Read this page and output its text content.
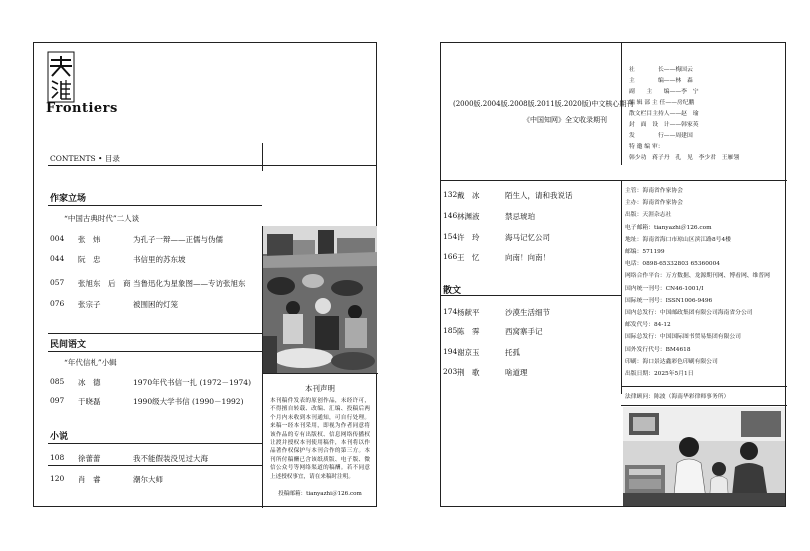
Frontiers
CONTENTS • 目录
作家立场
“中国古典时代”二人谈
004 张　炜	为孔子一辩——正儒与伪儒
044 阮　忠	书信里的苏东坡
057 张旭东　后　商 当鲁迅化为星象图——专访张旭东
076 张宗子	被围困的灯笼
民间语文
“年代信札”小辑
085 冰　德	1970年代书信一扎 (1972－1974)
097 于晓磊	1990级大学书信 (1990－1992)
小说
108 徐蕾蕾	我不能假装没见过大海
120 肖　睿	潮尔大师
本刊声明
本刊稿件发表的原创作品，未经许可，不得擅自转载、改编、汇编、投稿后两个月内未收到本刊通知，可自行处理。来稿一经本刊采用，即视为作者同意将该作品的专有出版权、信息网络传播权让渡并授权本刊使用稿件，本刊将以作品著作权保护与本刊合作的第三方。本刊所付稿酬已含该纸质版、电子版、微信公众号等网络渠道的稿酬。若不同意上述授权事宜，请在来稿时注明。
投稿邮箱：tianyazhi＠126.com
(2000版.2004版.2008版.2011版.2020版)中文核心期刊
《中国知网》全文收录期刊
社　　　　长——梅国云
主　　　　编——林　森
副　　主　　编——李　宁
编 辑 部 主 任——房纪鹏
散文栏目主持人——赵　瑜
封　面　设　计——韩家英
发　　　　行——周建国
特 邀 编 审：
韩少功　蒋子丹　孔　见　李少君　王雁翎
132 戴　冰	陌生人，请和我说话
146 林渊液	禁忌琥珀
154 许　玲	海马记忆公司
166 王　忆	向南！向南！
散文
174 杨献平	沙漠生活细节
185 陈　霁	西窝寨手记
194 谢京玉	托孤
203 荆　歌	啥道理
主管：海南省作家协会
主办：海南省作家协会
出版：天涯杂志社
电子邮箱：tianyazhi＠126.com
地址：海南省海口市琼山区滨江路8号4楼
邮编：571199
电话：0898-65332803 65360004
网络合作平台：万方数据、龙源期刊网、博看网、维普网
国内统一刊号：CN46-1001/I
国际统一刊号：ISSN1006-9496
国内总发行：中国邮政集团有限公司海南省分公司
邮发代号：84-12
国际总发行：中国国际图书贸易集团有限公司
国外发行代号：BM4618
印刷：海口景达鑫彩色印刷有限公司
出版日期：2025年5月1日
法律顾问：陈波（海南华彩律师事务所）
